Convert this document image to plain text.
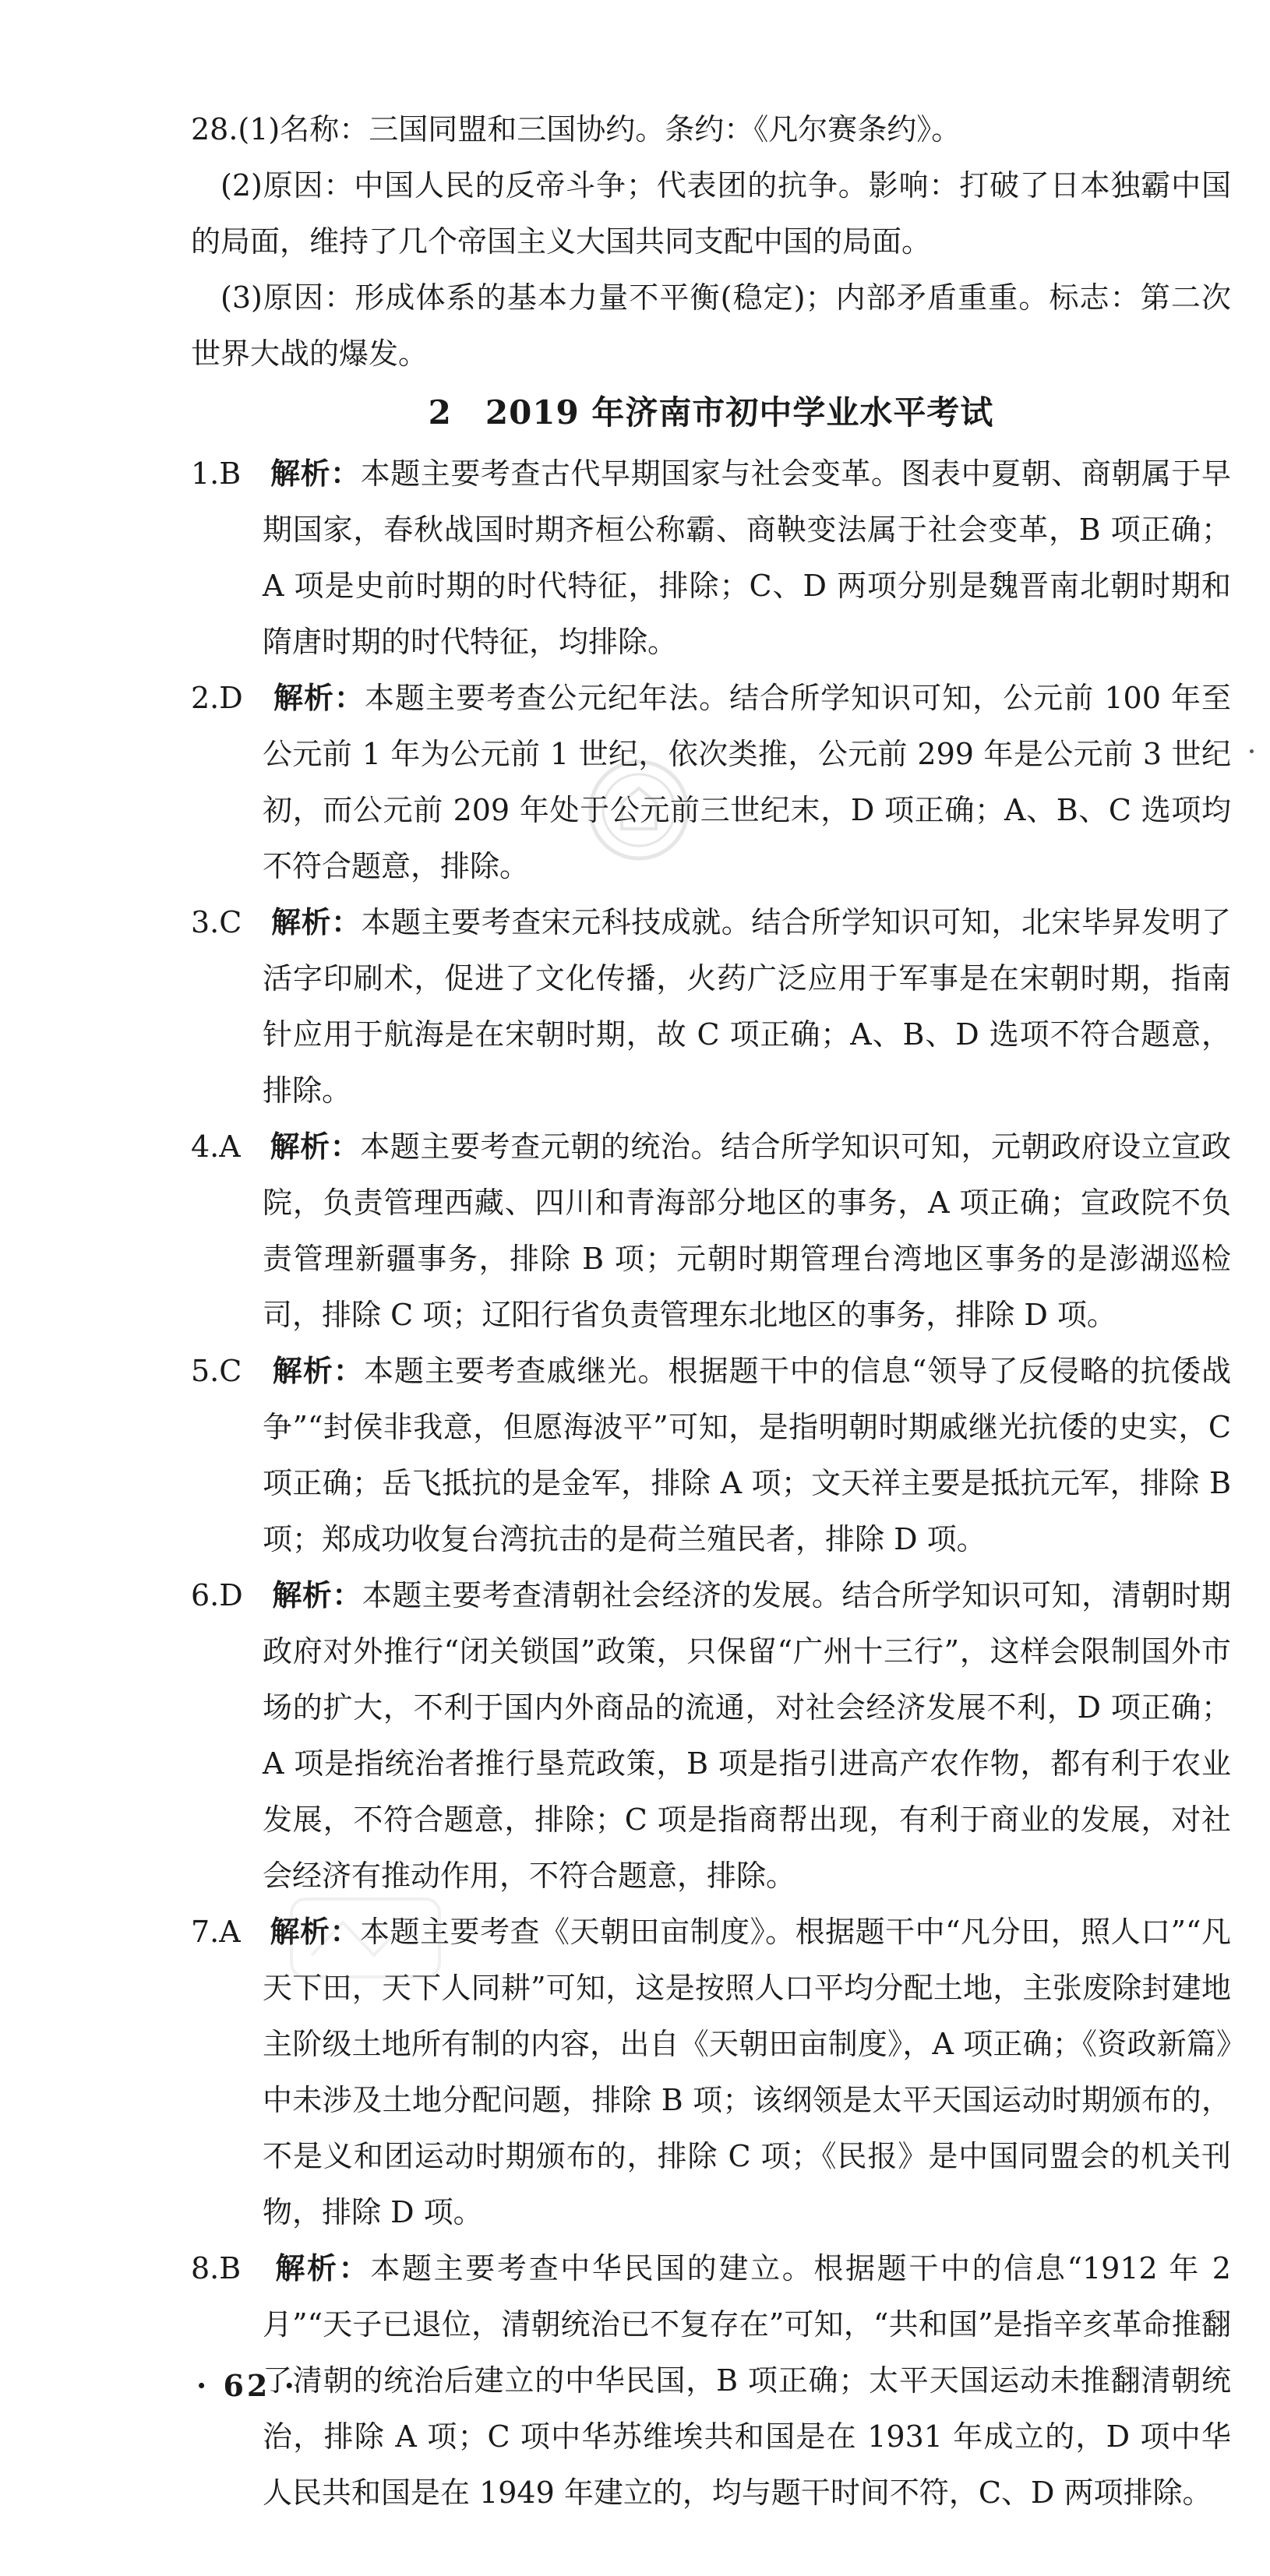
28.(1)名称：三国同盟和三国协约。条约：《凡尔赛条约》。

(2)原因：中国人民的反帝斗争；代表团的抗争。影响：打破了日本独霸中国的局面，维持了几个帝国主义大国共同支配中国的局面。

(3)原因：形成体系的基本力量不平衡(稳定)；内部矛盾重重。标志：第二次世界大战的爆发。

2　2019 年济南市初中学业水平考试

1.B 解析：本题主要考查古代早期国家与社会变革。图表中夏朝、商朝属于早期国家，春秋战国时期齐桓公称霸、商鞅变法属于社会变革，B 项正确；A 项是史前时期的时代特征，排除；C、D 两项分别是魏晋南北朝时期和隋唐时期的时代特征，均排除。

2.D 解析：本题主要考查公元纪年法。结合所学知识可知，公元前 100 年至公元前 1 年为公元前 1 世纪，依次类推，公元前 299 年是公元前 3 世纪初，而公元前 209 年处于公元前三世纪末，D 项正确；A、B、C 选项均不符合题意，排除。

3.C 解析：本题主要考查宋元科技成就。结合所学知识可知，北宋毕昇发明了活字印刷术，促进了文化传播，火药广泛应用于军事是在宋朝时期，指南针应用于航海是在宋朝时期，故 C 项正确；A、B、D 选项不符合题意，排除。

4.A 解析：本题主要考查元朝的统治。结合所学知识可知，元朝政府设立宣政院，负责管理西藏、四川和青海部分地区的事务，A 项正确；宣政院不负责管理新疆事务，排除 B 项；元朝时期管理台湾地区事务的是澎湖巡检司，排除 C 项；辽阳行省负责管理东北地区的事务，排除 D 项。

5.C 解析：本题主要考查戚继光。根据题干中的信息“领导了反侵略的抗倭战争”“封侯非我意，但愿海波平”可知，是指明朝时期戚继光抗倭的史实，C 项正确；岳飞抵抗的是金军，排除 A 项；文天祥主要是抵抗元军，排除 B 项；郑成功收复台湾抗击的是荷兰殖民者，排除 D 项。

6.D 解析：本题主要考查清朝社会经济的发展。结合所学知识可知，清朝时期政府对外推行“闭关锁国”政策，只保留“广州十三行”，这样会限制国外市场的扩大，不利于国内外商品的流通，对社会经济发展不利，D 项正确；A 项是指统治者推行垦荒政策，B 项是指引进高产农作物，都有利于农业发展，不符合题意，排除；C 项是指商帮出现，有利于商业的发展，对社会经济有推动作用，不符合题意，排除。

7.A 解析：本题主要考查《天朝田亩制度》。根据题干中“凡分田，照人口”“凡天下田，天下人同耕”可知，这是按照人口平均分配土地，主张废除封建地主阶级土地所有制的内容，出自《天朝田亩制度》，A 项正确；《资政新篇》中未涉及土地分配问题，排除 B 项；该纲领是太平天国运动时期颁布的，不是义和团运动时期颁布的，排除 C 项；《民报》是中国同盟会的机关刊物，排除 D 项。

8.B 解析：本题主要考查中华民国的建立。根据题干中的信息“1912 年 2 月”“天子已退位，清朝统治已不复存在”可知，“共和国”是指辛亥革命推翻了清朝的统治后建立的中华民国，B 项正确；太平天国运动未推翻清朝统治，排除 A 项；C 项中华苏维埃共和国是在 1931 年成立的，D 项中华人民共和国是在 1949 年建立的，均与题干时间不符，C、D 两项排除。

· 62 ·
